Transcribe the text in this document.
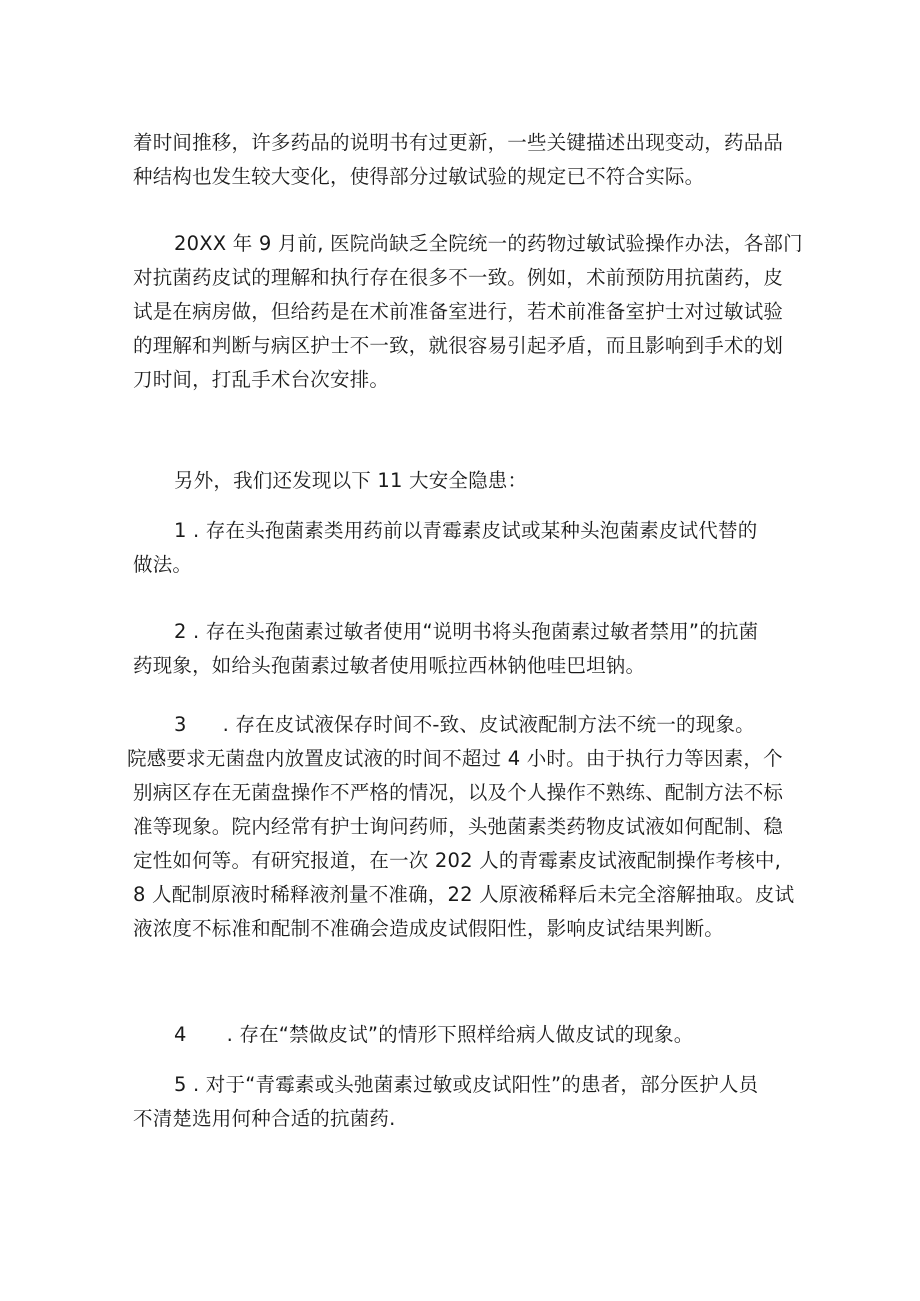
着时间推移，许多药品的说明书有过更新，一些关键描述出现变动，药品品
种结构也发生较大变化，使得部分过敏试验的规定已不符合实际。
20XX 年 9 月前, 医院尚缺乏全院统一的药物过敏试验操作办法，各部门
对抗菌药皮试的理解和执行存在很多不一致。例如，术前预防用抗菌药，皮
试是在病房做，但给药是在术前准备室进行，若术前准备室护士对过敏试验
的理解和判断与病区护士不一致，就很容易引起矛盾，而且影响到手术的划
刀时间，打乱手术台次安排。
另外，我们还发现以下 11 大安全隐患：
1 . 存在头孢菌素类用药前以青霉素皮试或某种头泡菌素皮试代替的
做法。
2 . 存在头孢菌素过敏者使用“说明书将头孢菌素过敏者禁用”的抗菌
药现象，如给头孢菌素过敏者使用哌拉西林钠他哇巴坦钠。
3 . 存在皮试液保存时间不-致、皮试液配制方法不统一的现象。
院感要求无菌盘内放置皮试液的时间不超过 4 小时。由于执行力等因素，个
别病区存在无菌盘操作不严格的情况，以及个人操作不熟练、配制方法不标
准等现象。院内经常有护士询问药师，头弛菌素类药物皮试液如何配制、稳
定性如何等。有研究报道，在一次 202 人的青霉素皮试液配制操作考核中,
8 人配制原液时稀释液剂量不准确，22 人原液稀释后未完全溶解抽取。皮试
液浓度不标准和配制不准确会造成皮试假阳性，影响皮试结果判断。
4 . 存在“禁做皮试”的情形下照样给病人做皮试的现象。
5 . 对于“青霉素或头弛菌素过敏或皮试阳性”的患者，部分医护人员
不清楚选用何种合适的抗菌药.
